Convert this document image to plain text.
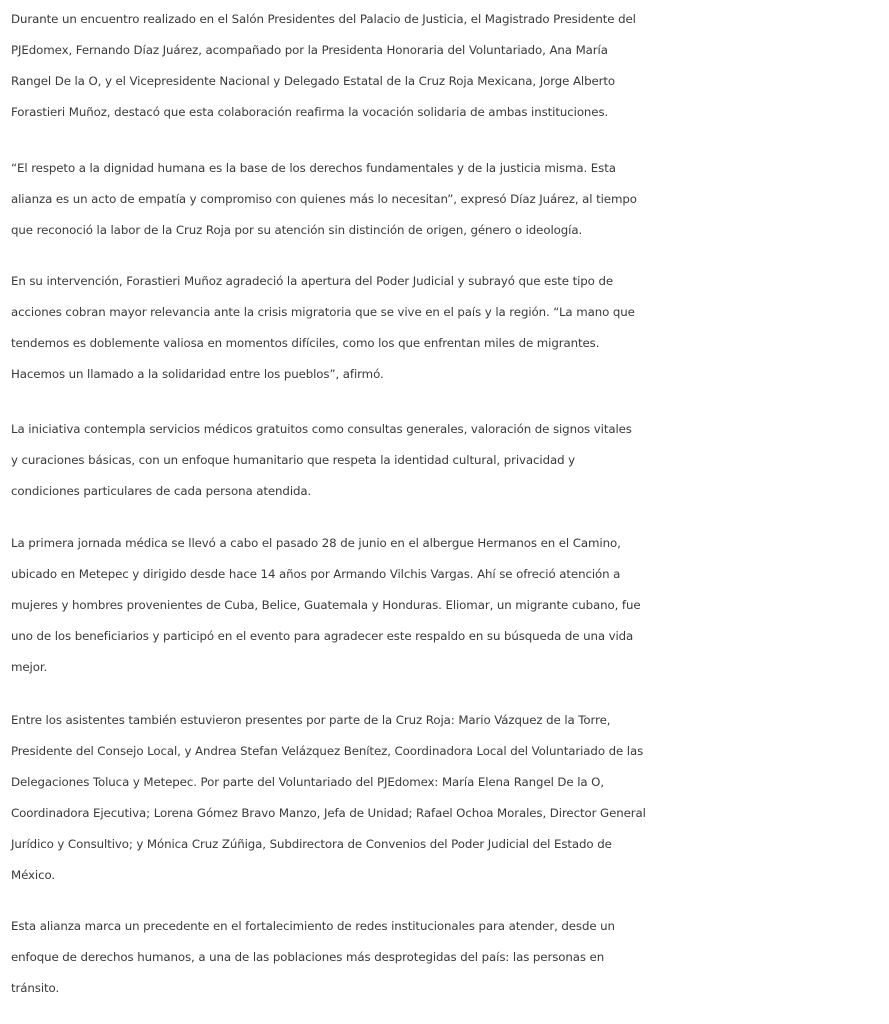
Durante un encuentro realizado en el Salón Presidentes del Palacio de Justicia, el Magistrado Presidente del
PJEdomex, Fernando Díaz Juárez, acompañado por la Presidenta Honoraria del Voluntariado, Ana María
Rangel De la O, y el Vicepresidente Nacional y Delegado Estatal de la Cruz Roja Mexicana, Jorge Alberto
Forastieri Muñoz, destacó que esta colaboración reafirma la vocación solidaria de ambas instituciones.

“El respeto a la dignidad humana es la base de los derechos fundamentales y de la justicia misma. Esta
alianza es un acto de empatía y compromiso con quienes más lo necesitan”, expresó Díaz Juárez, al tiempo
que reconoció la labor de la Cruz Roja por su atención sin distinción de origen, género o ideología.

En su intervención, Forastieri Muñoz agradeció la apertura del Poder Judicial y subrayó que este tipo de
acciones cobran mayor relevancia ante la crisis migratoria que se vive en el país y la región. “La mano que
tendemos es doblemente valiosa en momentos difíciles, como los que enfrentan miles de migrantes.
Hacemos un llamado a la solidaridad entre los pueblos”, afirmó.

La iniciativa contempla servicios médicos gratuitos como consultas generales, valoración de signos vitales
y curaciones básicas, con un enfoque humanitario que respeta la identidad cultural, privacidad y
condiciones particulares de cada persona atendida.

La primera jornada médica se llevó a cabo el pasado 28 de junio en el albergue Hermanos en el Camino,
ubicado en Metepec y dirigido desde hace 14 años por Armando Vilchis Vargas. Ahí se ofreció atención a
mujeres y hombres provenientes de Cuba, Belice, Guatemala y Honduras. Eliomar, un migrante cubano, fue
uno de los beneficiarios y participó en el evento para agradecer este respaldo en su búsqueda de una vida
mejor.

Entre los asistentes también estuvieron presentes por parte de la Cruz Roja: Mario Vázquez de la Torre,
Presidente del Consejo Local, y Andrea Stefan Velázquez Benítez, Coordinadora Local del Voluntariado de las
Delegaciones Toluca y Metepec. Por parte del Voluntariado del PJEdomex: María Elena Rangel De la O,
Coordinadora Ejecutiva; Lorena Gómez Bravo Manzo, Jefa de Unidad; Rafael Ochoa Morales, Director General
Jurídico y Consultivo; y Mónica Cruz Zúñiga, Subdirectora de Convenios del Poder Judicial del Estado de
México.

Esta alianza marca un precedente en el fortalecimiento de redes institucionales para atender, desde un
enfoque de derechos humanos, a una de las poblaciones más desprotegidas del país: las personas en
tránsito.
